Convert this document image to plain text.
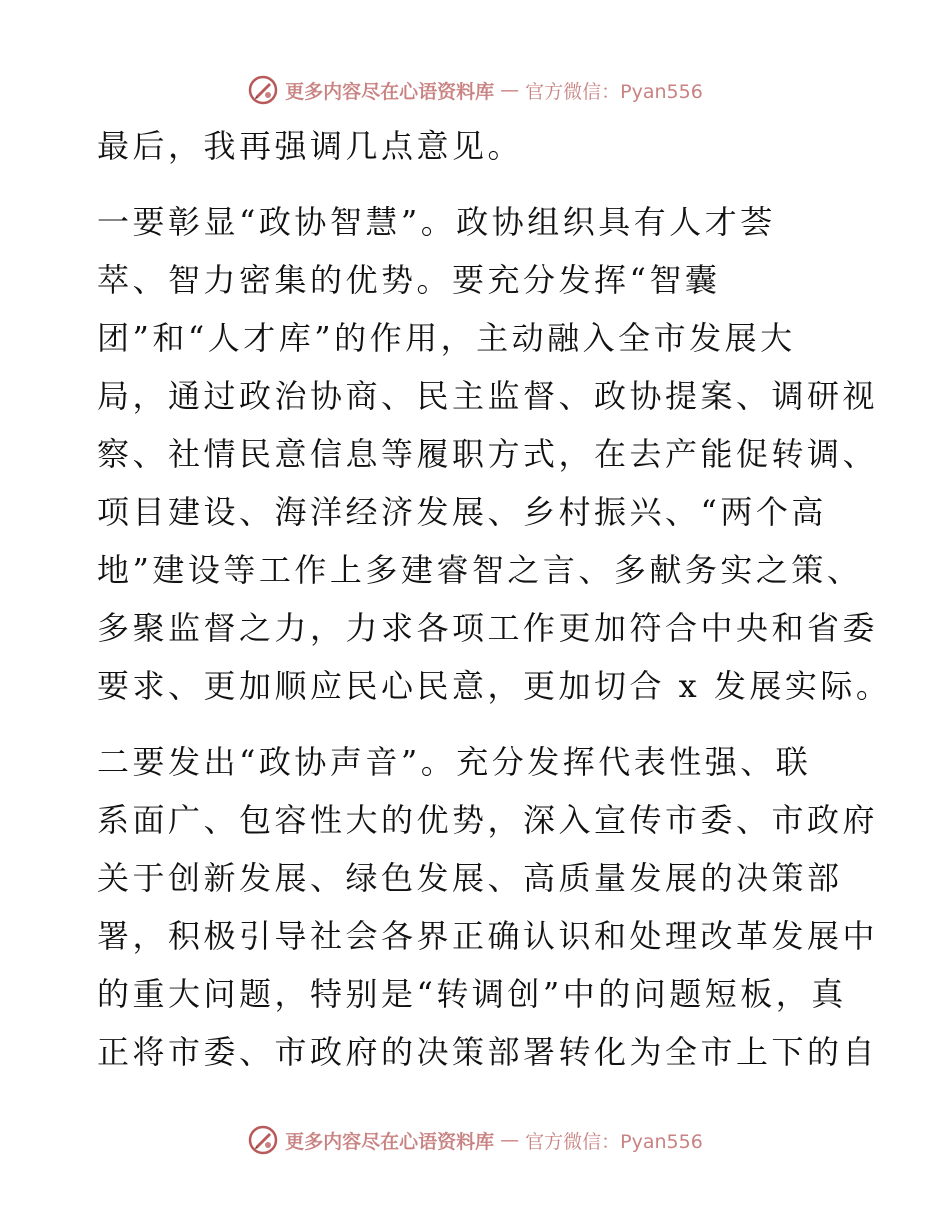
更多内容尽在心语资料库 — 官方微信：Pyan556
最后，我再强调几点意见。
一要彰显“政协智慧”。政协组织具有人才荟
萃、智力密集的优势。要充分发挥“智囊
团”和“人才库”的作用，主动融入全市发展大
局，通过政治协商、民主监督、政协提案、调研视
察、社情民意信息等履职方式，在去产能促转调、
项目建设、海洋经济发展、乡村振兴、“两个高
地”建设等工作上多建睿智之言、多献务实之策、
多聚监督之力，力求各项工作更加符合中央和省委
要求、更加顺应民心民意，更加切合 x 发展实际。
二要发出“政协声音”。充分发挥代表性强、联
系面广、包容性大的优势，深入宣传市委、市政府
关于创新发展、绿色发展、高质量发展的决策部
署，积极引导社会各界正确认识和处理改革发展中
的重大问题，特别是“转调创”中的问题短板，真
正将市委、市政府的决策部署转化为全市上下的自
更多内容尽在心语资料库 — 官方微信：Pyan556
